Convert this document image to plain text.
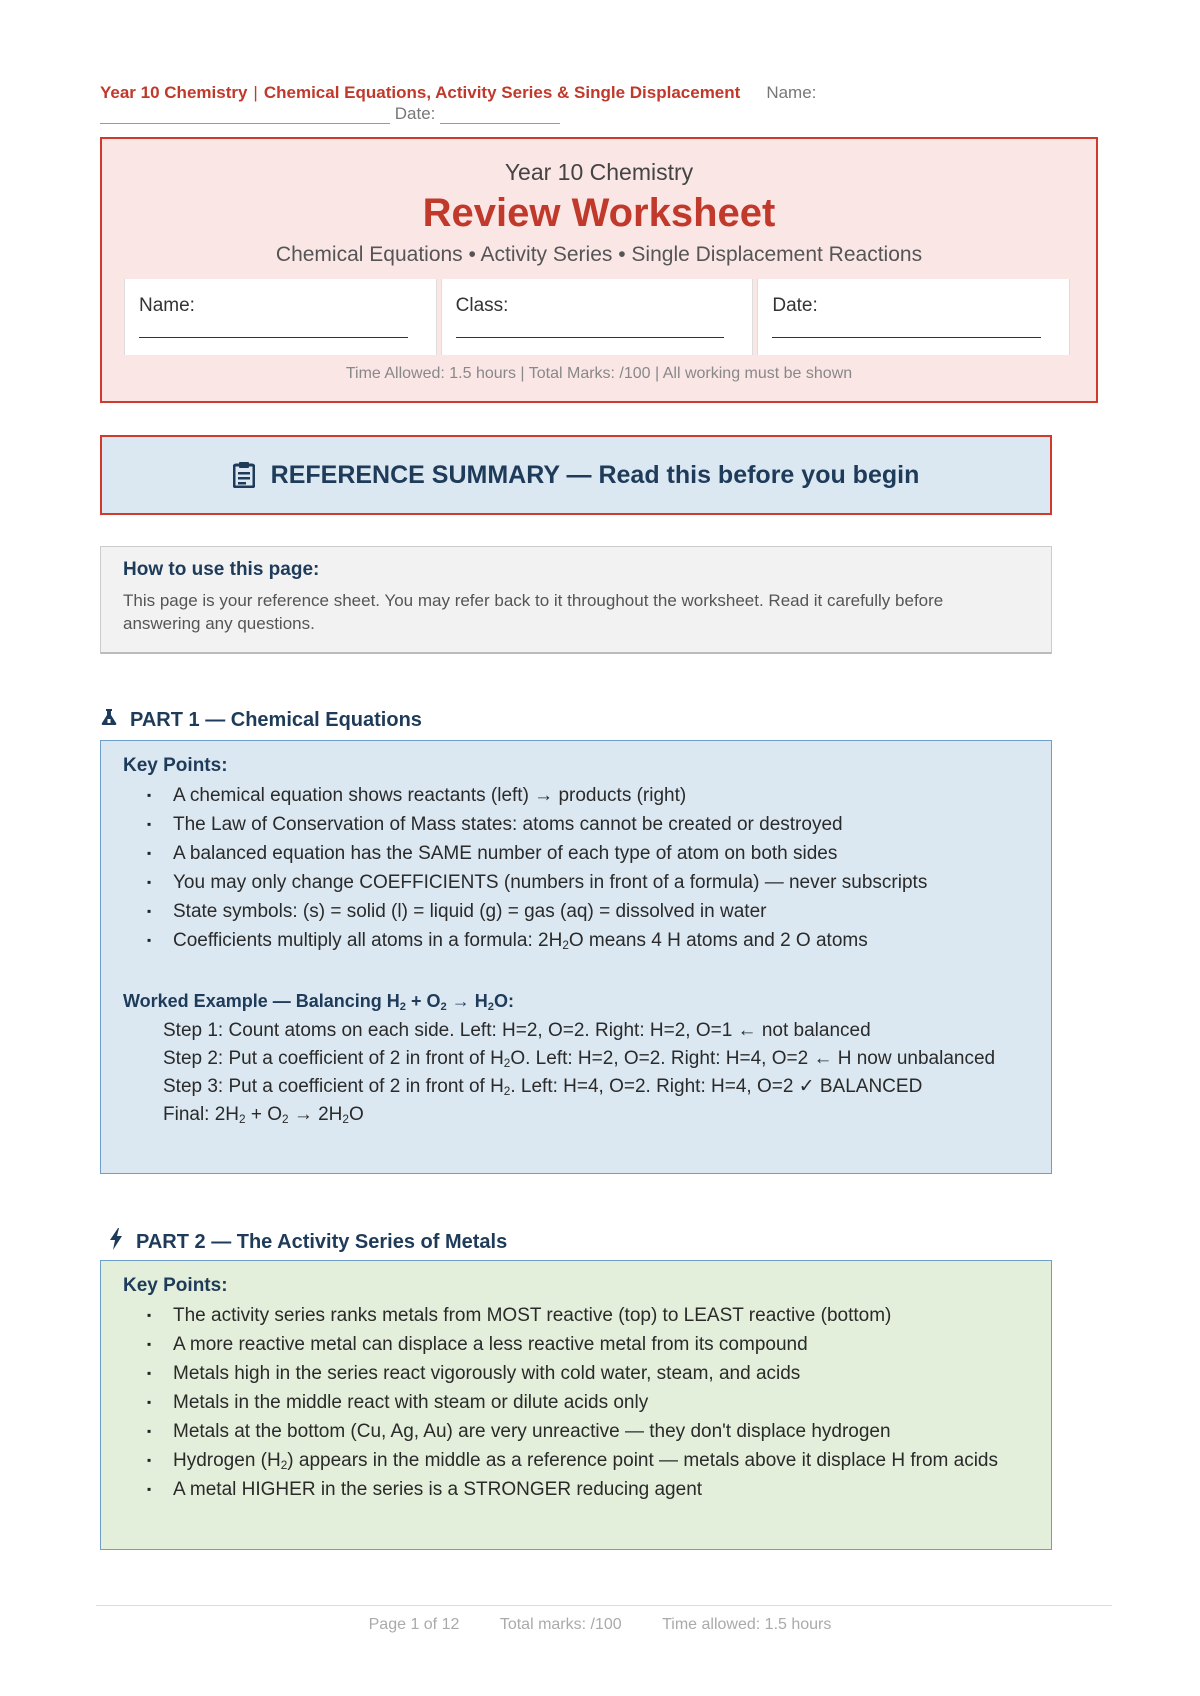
Year 10 Chemistry | Chemical Equations, Activity Series & Single Displacement Name:
Date:
Year 10 Chemistry
Review Worksheet
Chemical Equations • Activity Series • Single Displacement Reactions
Name:	Class:	Date:
Time Allowed: 1.5 hours | Total Marks: /100 | All working must be shown
REFERENCE SUMMARY — Read this before you begin
How to use this page:
This page is your reference sheet. You may refer back to it throughout the worksheet. Read it carefully before answering any questions.
PART 1 — Chemical Equations
Key Points:
▪ A chemical equation shows reactants (left) → products (right)
▪ The Law of Conservation of Mass states: atoms cannot be created or destroyed
▪ A balanced equation has the SAME number of each type of atom on both sides
▪ You may only change COEFFICIENTS (numbers in front of a formula) — never subscripts
▪ State symbols: (s) = solid (l) = liquid (g) = gas (aq) = dissolved in water
▪ Coefficients multiply all atoms in a formula: $2H_2O$ means 4 H atoms and 2 O atoms
Worked Example — Balancing $H_2 + O_2 \to H_2O$:
Step 1: Count atoms on each side. Left: H=2, O=2. Right: H=2, O=1 ← not balanced
Step 2: Put a coefficient of 2 in front of $H_2O$. Left: H=2, O=2. Right: H=4, O=2 ← H now unbalanced
Step 3: Put a coefficient of 2 in front of $H_2$. Left: H=4, O=2. Right: H=4, O=2 ✓ BALANCED
Final: $2H_2 + O_2 \to 2H_2O$
PART 2 — The Activity Series of Metals
Key Points:
▪ The activity series ranks metals from MOST reactive (top) to LEAST reactive (bottom)
▪ A more reactive metal can displace a less reactive metal from its compound
▪ Metals high in the series react vigorously with cold water, steam, and acids
▪ Metals in the middle react with steam or dilute acids only
▪ Metals at the bottom (Cu, Ag, Au) are very unreactive — they don't displace hydrogen
▪ Hydrogen $(H_2)$ appears in the middle as a reference point — metals above it displace H from acids
▪ A metal HIGHER in the series is a STRONGER reducing agent
Page 1 of 12	Total marks: /100	Time allowed: 1.5 hours
